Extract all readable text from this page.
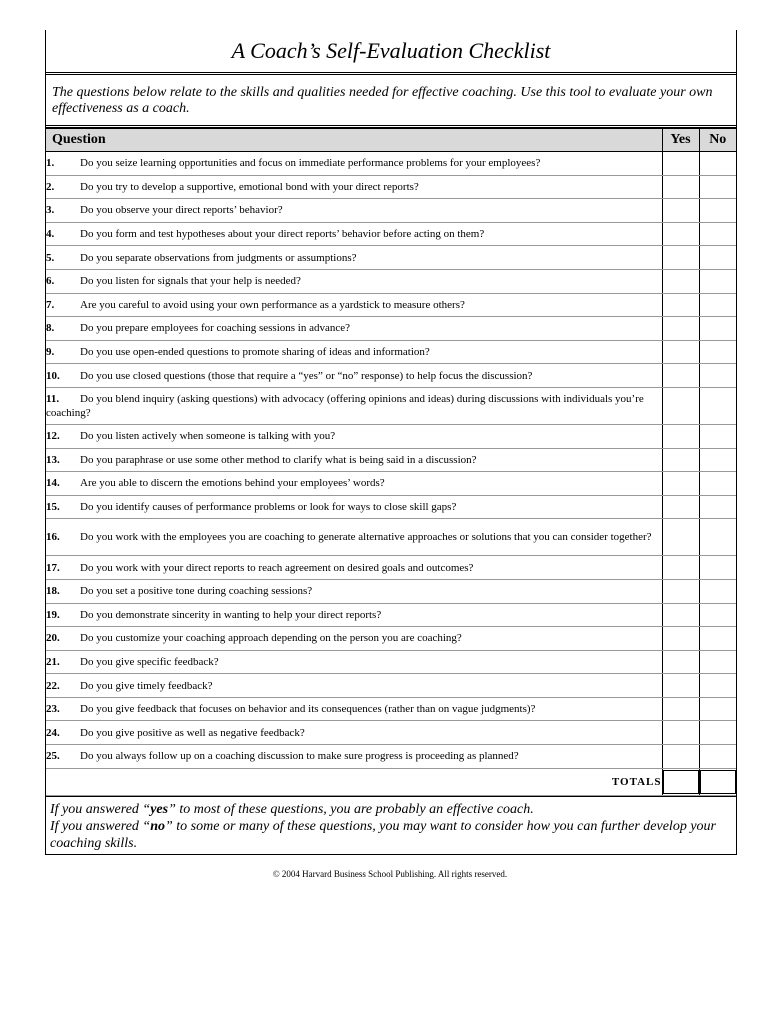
A Coach’s Self-Evaluation Checklist
The questions below relate to the skills and qualities needed for effective coaching. Use this tool to evaluate your own effectiveness as a coach.
Question	Yes	No
1. Do you seize learning opportunities and focus on immediate performance problems for your employees?		
2. Do you try to develop a supportive, emotional bond with your direct reports?		
3. Do you observe your direct reports’ behavior?		
4. Do you form and test hypotheses about your direct reports’ behavior before acting on them?		
5. Do you separate observations from judgments or assumptions?		
6. Do you listen for signals that your help is needed?		
7. Are you careful to avoid using your own performance as a yardstick to measure others?		
8. Do you prepare employees for coaching sessions in advance?		
9. Do you use open-ended questions to promote sharing of ideas and information?		
10. Do you use closed questions (those that require a “yes” or “no” response) to help focus the discussion?		
11. Do you blend inquiry (asking questions) with advocacy (offering opinions and ideas) during discussions with individuals you’re coaching?		
12. Do you listen actively when someone is talking with you?		
13. Do you paraphrase or use some other method to clarify what is being said in a discussion?		
14. Are you able to discern the emotions behind your employees’ words?		
15. Do you identify causes of performance problems or look for ways to close skill gaps?		
16. Do you work with the employees you are coaching to generate alternative approaches or solutions that you can consider together?		
17. Do you work with your direct reports to reach agreement on desired goals and outcomes?		
18. Do you set a positive tone during coaching sessions?		
19. Do you demonstrate sincerity in wanting to help your direct reports?		
20. Do you customize your coaching approach depending on the person you are coaching?		
21. Do you give specific feedback?		
22. Do you give timely feedback?		
23. Do you give feedback that focuses on behavior and its consequences (rather than on vague judgments)?		
24. Do you give positive as well as negative feedback?		
25. Do you always follow up on a coaching discussion to make sure progress is proceeding as planned?		
TOTALS	

If you answered “yes” to most of these questions, you are probably an effective coach.
If you answered “no” to some or many of these questions, you may want to consider how you can further develop your coaching skills.
© 2004 Harvard Business School Publishing. All rights reserved.
